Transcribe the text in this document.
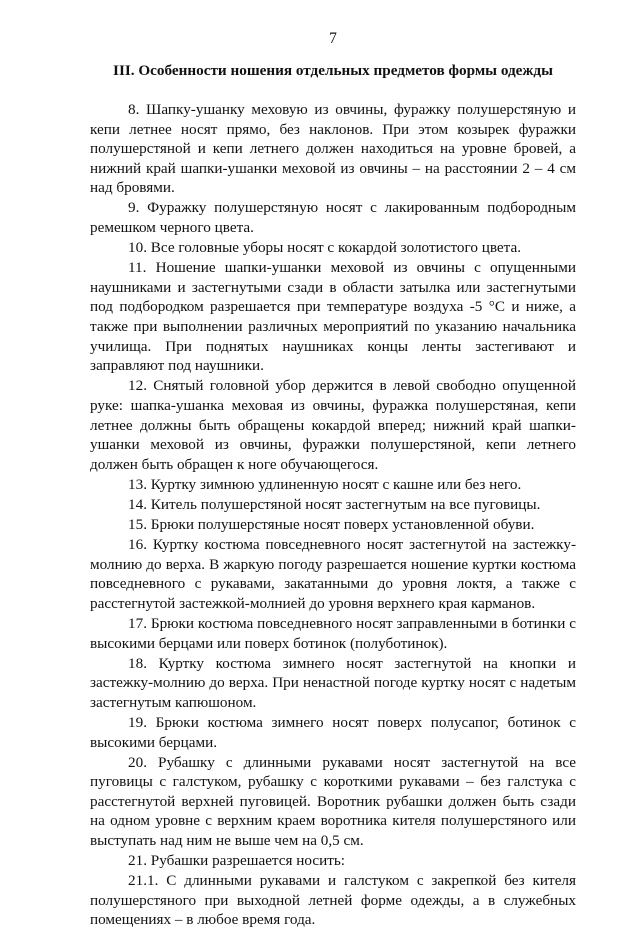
7
III. Особенности ношения отдельных предметов формы одежды

8. Шапку-ушанку меховую из овчины, фуражку полушерстяную и кепи летнее носят прямо, без наклонов. При этом козырек фуражки полушерстяной и кепи летнего должен находиться на уровне бровей, а нижний край шапки-ушанки меховой из овчины – на расстоянии 2 – 4 см над бровями.

9. Фуражку полушерстяную носят с лакированным подбородным ремешком черного цвета.

10. Все головные уборы носят с кокардой золотистого цвета.

11. Ношение шапки-ушанки меховой из овчины с опущенными наушниками и застегнутыми сзади в области затылка или застегнутыми под подбородком разрешается при температуре воздуха -5 °С и ниже, а также при выполнении различных мероприятий по указанию начальника училища. При поднятых наушниках концы ленты застегивают и заправляют под наушники.

12. Снятый головной убор держится в левой свободно опущенной руке: шапка-ушанка меховая из овчины, фуражка полушерстяная, кепи летнее должны быть обращены кокардой вперед; нижний край шапки-ушанки меховой из овчины, фуражки полушерстяной, кепи летнего должен быть обращен к ноге обучающегося.

13. Куртку зимнюю удлиненную носят с кашне или без него.

14. Китель полушерстяной носят застегнутым на все пуговицы.

15. Брюки полушерстяные носят поверх установленной обуви.

16. Куртку костюма повседневного носят застегнутой на застежку-молнию до верха. В жаркую погоду разрешается ношение куртки костюма повседневного с рукавами, закатанными до уровня локтя, а также с расстегнутой застежкой-молнией до уровня верхнего края карманов.

17. Брюки костюма повседневного носят заправленными в ботинки с высокими берцами или поверх ботинок (полуботинок).

18. Куртку костюма зимнего носят застегнутой на кнопки и застежку-молнию до верха. При ненастной погоде куртку носят с надетым застегнутым капюшоном.

19. Брюки костюма зимнего носят поверх полусапог, ботинок с высокими берцами.

20. Рубашку с длинными рукавами носят застегнутой на все пуговицы с галстуком, рубашку с короткими рукавами – без галстука с расстегнутой верхней пуговицей. Воротник рубашки должен быть сзади на одном уровне с верхним краем воротника кителя полушерстяного или выступать над ним не выше чем на 0,5 см.

21. Рубашки разрешается носить:

21.1. С длинными рукавами и галстуком с закрепкой без кителя полушерстяного при выходной летней форме одежды, а в служебных помещениях – в любое время года.
